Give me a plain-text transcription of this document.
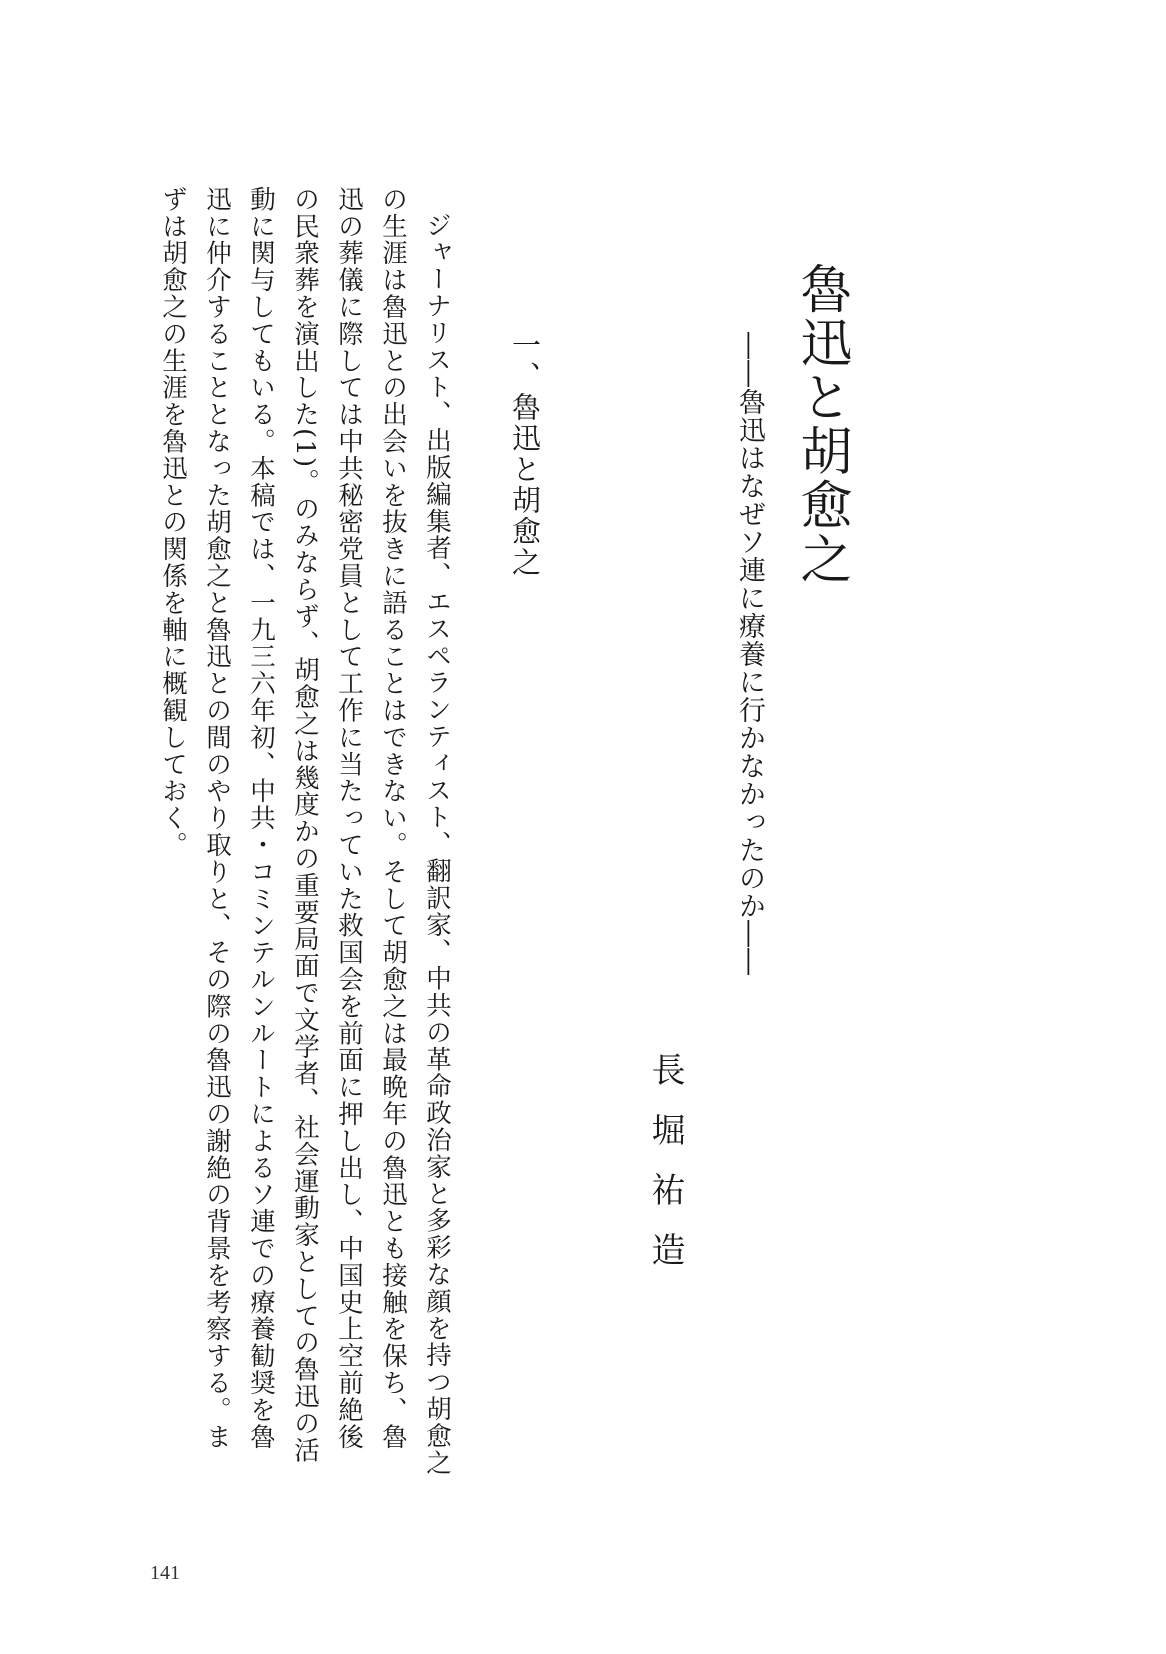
魯迅と胡愈之
――魯迅はなぜソ連に療養に行かなかったのか――
長堀祐造
一、魯迅と胡愈之

ジャーナリスト、出版編集者、エスペランティスト、翻訳家、中共の革命政治家と多彩な顔を持つ胡愈之の生涯は魯迅との出会いを抜きに語ることはできない。そして胡愈之は最晩年の魯迅とも接触を保ち、魯迅の葬儀に際しては中共秘密党員として工作に当たっていた救国会を前面に押し出し、中国史上空前絶後の民衆葬を演出した(1)。のみならず、胡愈之は幾度かの重要局面で文学者、社会運動家としての魯迅の活動に関与してもいる。本稿では、一九三六年初、中共・コミンテルンルートによるソ連での療養勧奨を魯迅に仲介することとなった胡愈之と魯迅との間のやり取りと、その際の魯迅の謝絶の背景を考察する。まずは胡愈之の生涯を魯迅との関係を軸に概観しておく。

141
